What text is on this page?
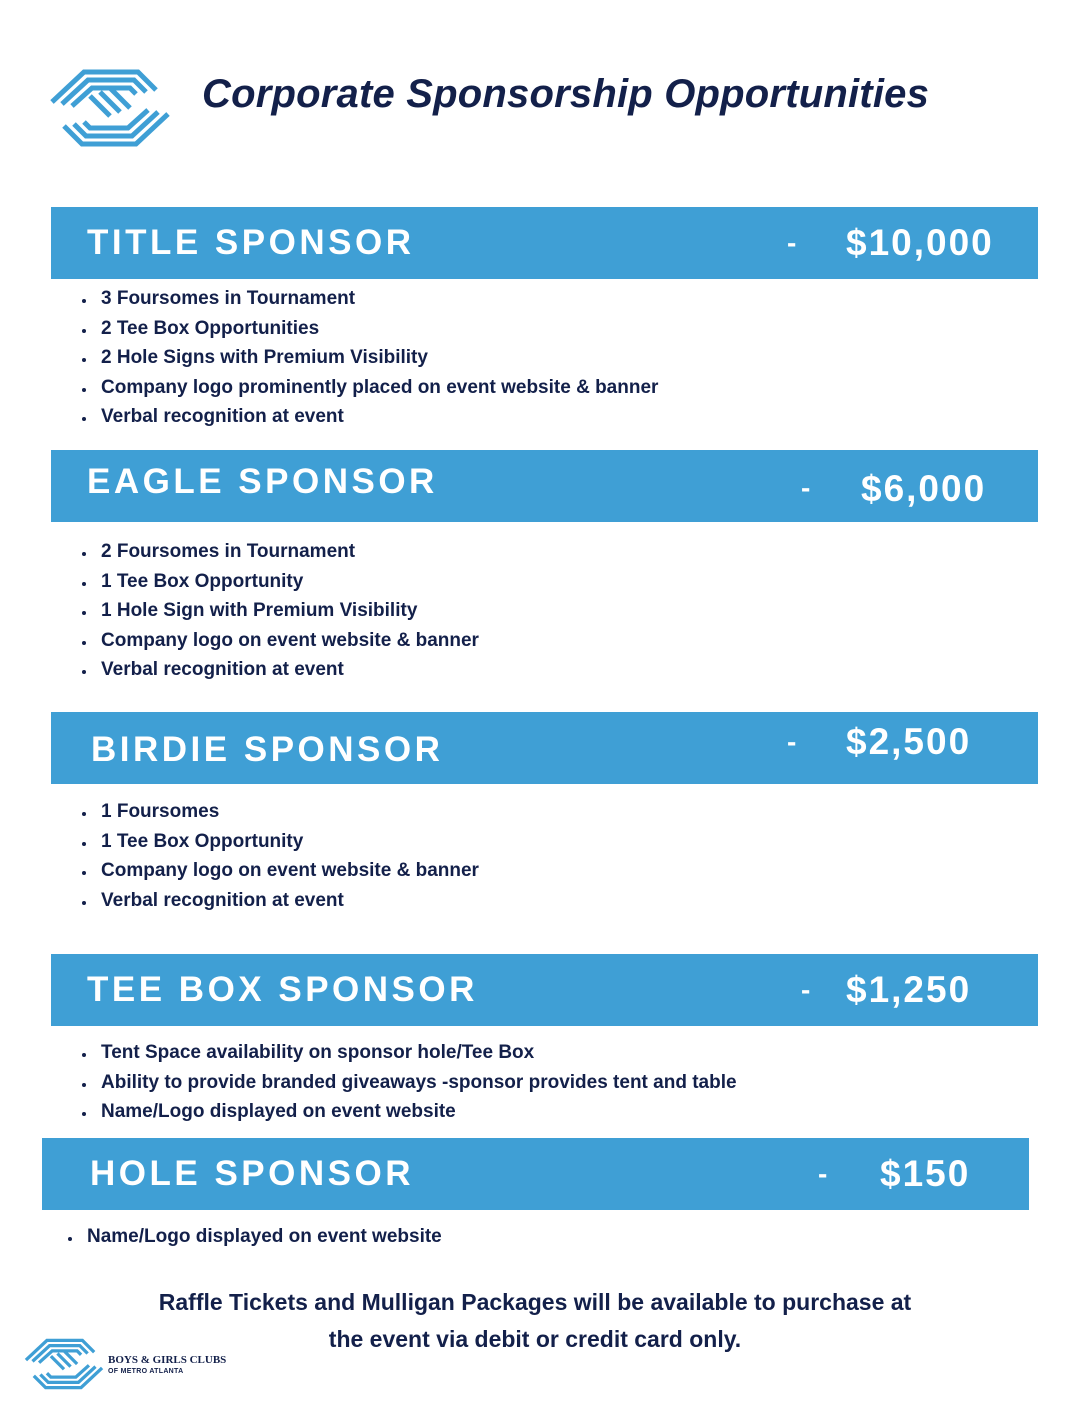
Corporate Sponsorship Opportunities
TITLE SPONSOR	- $10,000
3 Foursomes in Tournament
2 Tee Box Opportunities
2 Hole Signs with Premium Visibility
Company logo prominently placed on event website & banner
Verbal recognition at event
EAGLE SPONSOR	- $6,000
2 Foursomes in Tournament
1 Tee Box Opportunity
1 Hole Sign with Premium Visibility
Company logo on event website & banner
Verbal recognition at event
BIRDIE SPONSOR	- $2,500
1 Foursomes
1 Tee Box Opportunity
Company logo on event website & banner
Verbal recognition at event
TEE BOX SPONSOR	- $1,250
Tent Space availability on sponsor hole/Tee Box
Ability to provide branded giveaways -sponsor provides tent and table
Name/Logo displayed on event website
HOLE SPONSOR	- $150
Name/Logo displayed on event website

Raffle Tickets and Mulligan Packages will be available to purchase at
the event via debit or credit card only.

BOYS & GIRLS CLUBS
OF METRO ATLANTA
